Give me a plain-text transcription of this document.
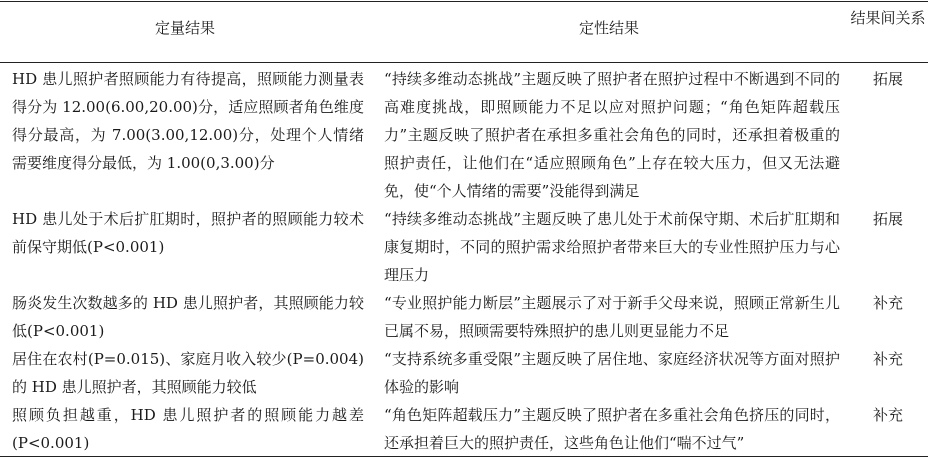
定量结果	定性结果
结果间关系
HD 患儿照护者照顾能力有待提高，照顾能力测量表得分为 12.00(6.00,20.00)分，适应照顾者角色维度得分最高，为 7.00(3.00,12.00)分，处理个人情绪需要维度得分最低，为 1.00(0,3.00)分
“持续多维动态挑战”主题反映了照护者在照护过程中不断遇到不同的高难度挑战，即照顾能力不足以应对照护问题；“角色矩阵超载压力”主题反映了照护者在承担多重社会角色的同时，还承担着极重的照护责任，让他们在“适应照顾角色”上存在较大压力，但又无法避免，使“个人情绪的需要”没能得到满足
拓展
HD 患儿处于术后扩肛期时，照护者的照顾能力较术前保守期低(P<0.001)
“持续多维动态挑战”主题反映了患儿处于术前保守期、术后扩肛期和康复期时，不同的照护需求给照护者带来巨大的专业性照护压力与心理压力
拓展
肠炎发生次数越多的 HD 患儿照护者，其照顾能力较低(P<0.001)
“专业照护能力断层”主题展示了对于新手父母来说，照顾正常新生儿已属不易，照顾需要特殊照护的患儿则更显能力不足
补充
居住在农村(P=0.015)、家庭月收入较少(P=0.004)的 HD 患儿照护者，其照顾能力较低
“支持系统多重受限”主题反映了居住地、家庭经济状况等方面对照护体验的影响
补充
照顾负担越重，HD 患儿照护者的照顾能力越差(P<0.001)
“角色矩阵超载压力”主题反映了照护者在多重社会角色挤压的同时，还承担着巨大的照护责任，这些角色让他们“喘不过气”
补充
